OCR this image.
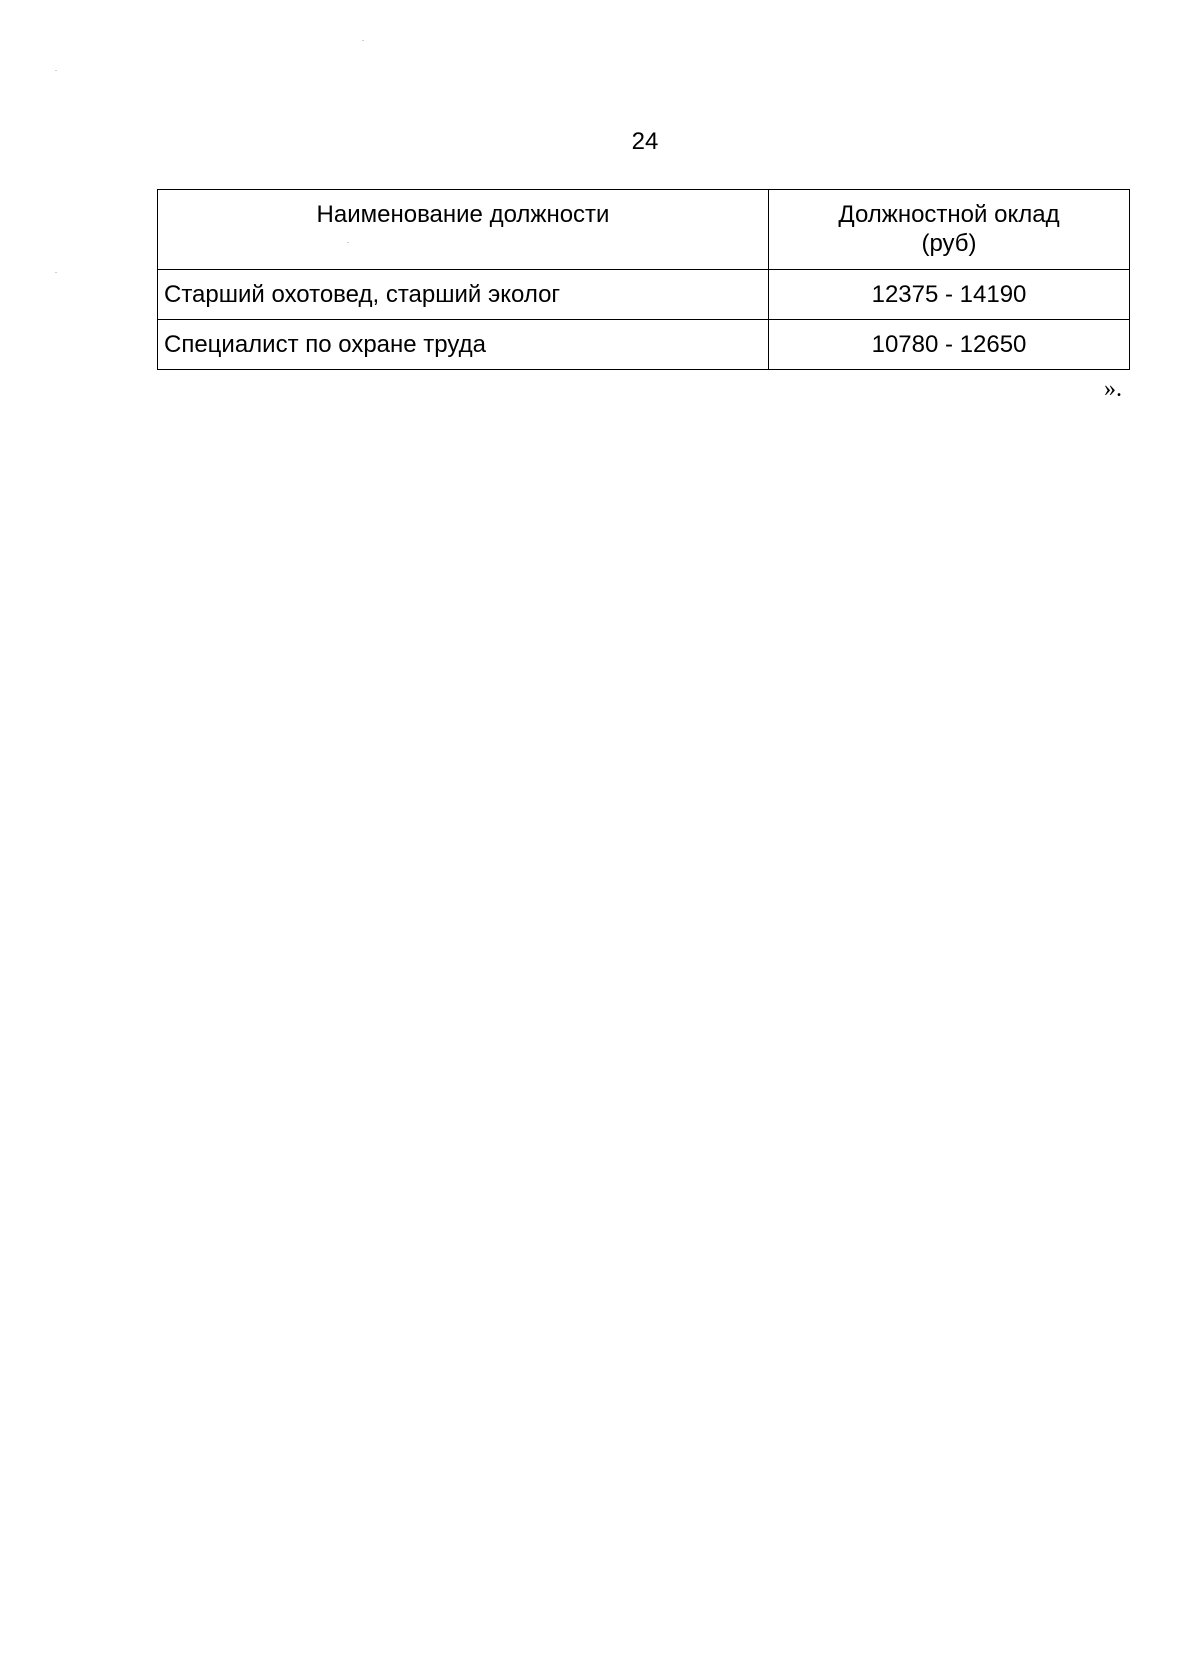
24
Наименование должности	Должностной оклад
(руб)
Старший охотовед, старший эколог	12375 - 14190
Специалист по охране труда	10780 - 12650
».
